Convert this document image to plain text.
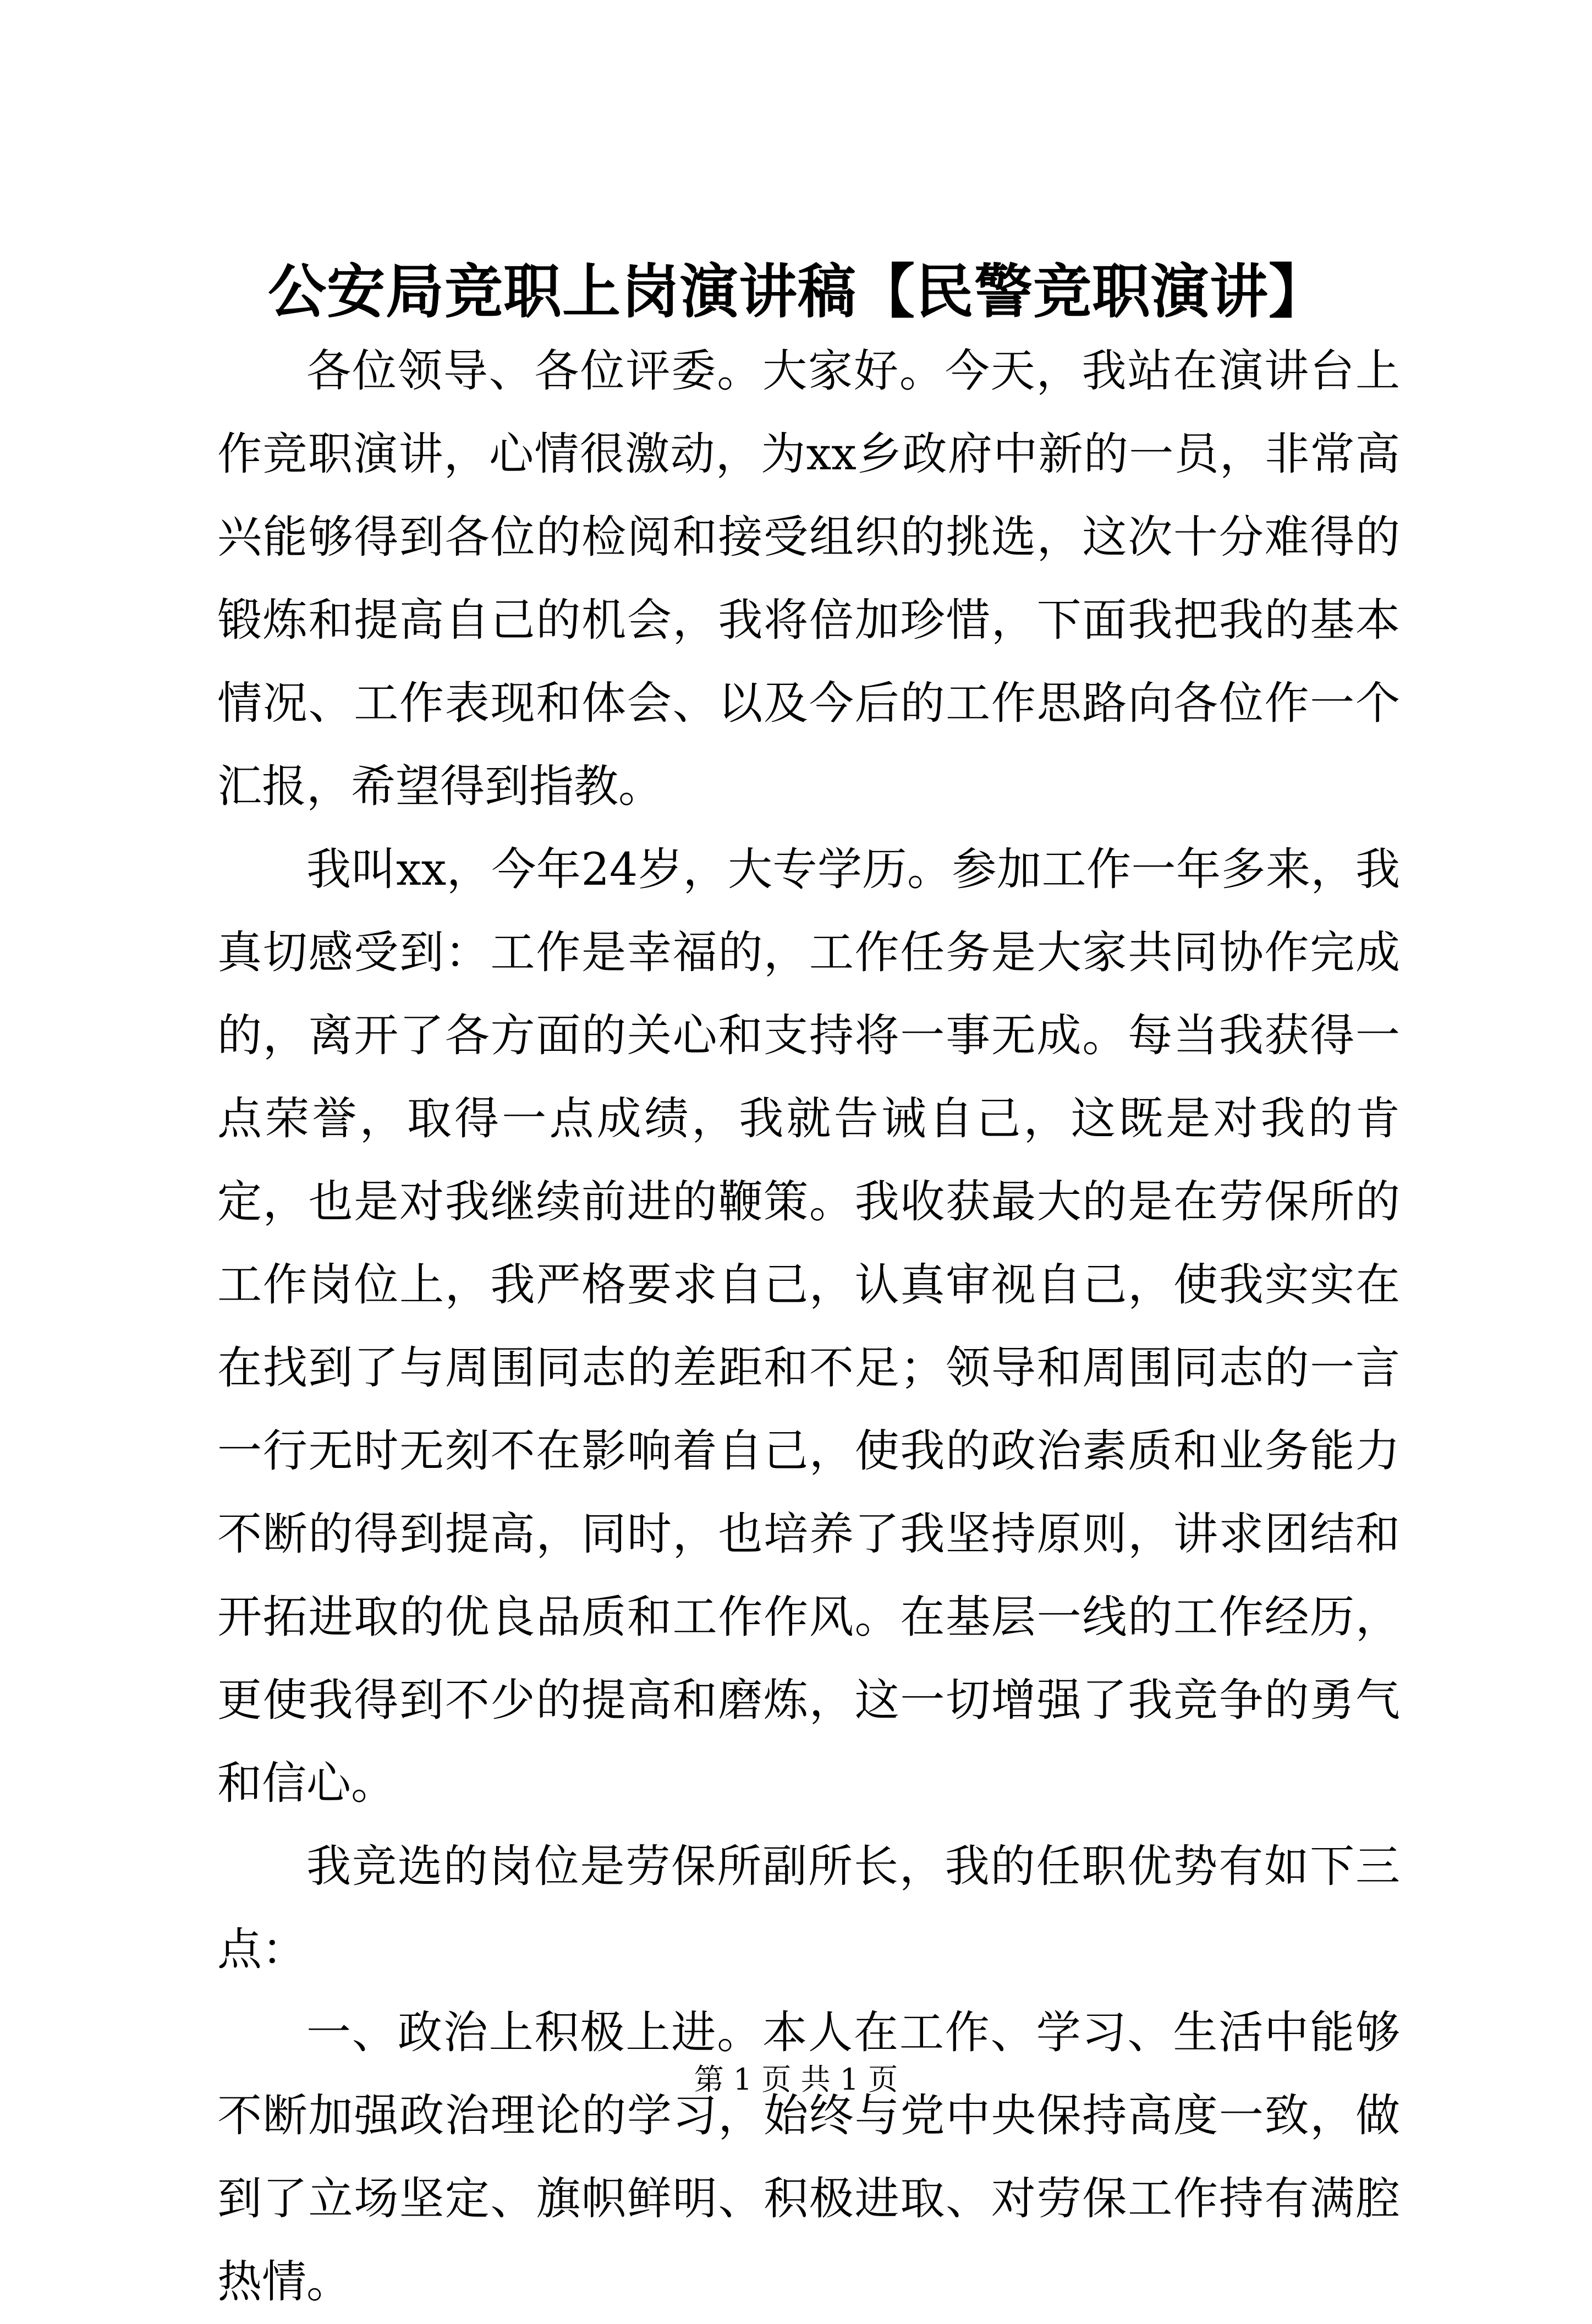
公安局竞职上岗演讲稿【民警竞职演讲】

各位领导、各位评委。大家好。今天，我站在演讲台上作竞职演讲，心情很激动，为xx乡政府中新的一员，非常高兴能够得到各位的检阅和接受组织的挑选，这次十分难得的锻炼和提高自己的机会，我将倍加珍惜，下面我把我的基本情况、工作表现和体会、以及今后的工作思路向各位作一个汇报，希望得到指教。

我叫xx，今年24岁，大专学历。参加工作一年多来，我真切感受到：工作是幸福的，工作任务是大家共同协作完成的，离开了各方面的关心和支持将一事无成。每当我获得一点荣誉，取得一点成绩，我就告诫自己，这既是对我的肯定，也是对我继续前进的鞭策。我收获最大的是在劳保所的工作岗位上，我严格要求自己，认真审视自己，使我实实在在找到了与周围同志的差距和不足；领导和周围同志的一言一行无时无刻不在影响着自己，使我的政治素质和业务能力不断的得到提高，同时，也培养了我坚持原则，讲求团结和开拓进取的优良品质和工作作风。在基层一线的工作经历，更使我得到不少的提高和磨炼，这一切增强了我竞争的勇气和信心。

我竞选的岗位是劳保所副所长，我的任职优势有如下三点：

一、政治上积极上进。本人在工作、学习、生活中能够不断加强政治理论的学习，始终与党中央保持高度一致，做到了立场坚定、旗帜鲜明、积极进取、对劳保工作持有满腔热情。

第 1 页 共 1 页
